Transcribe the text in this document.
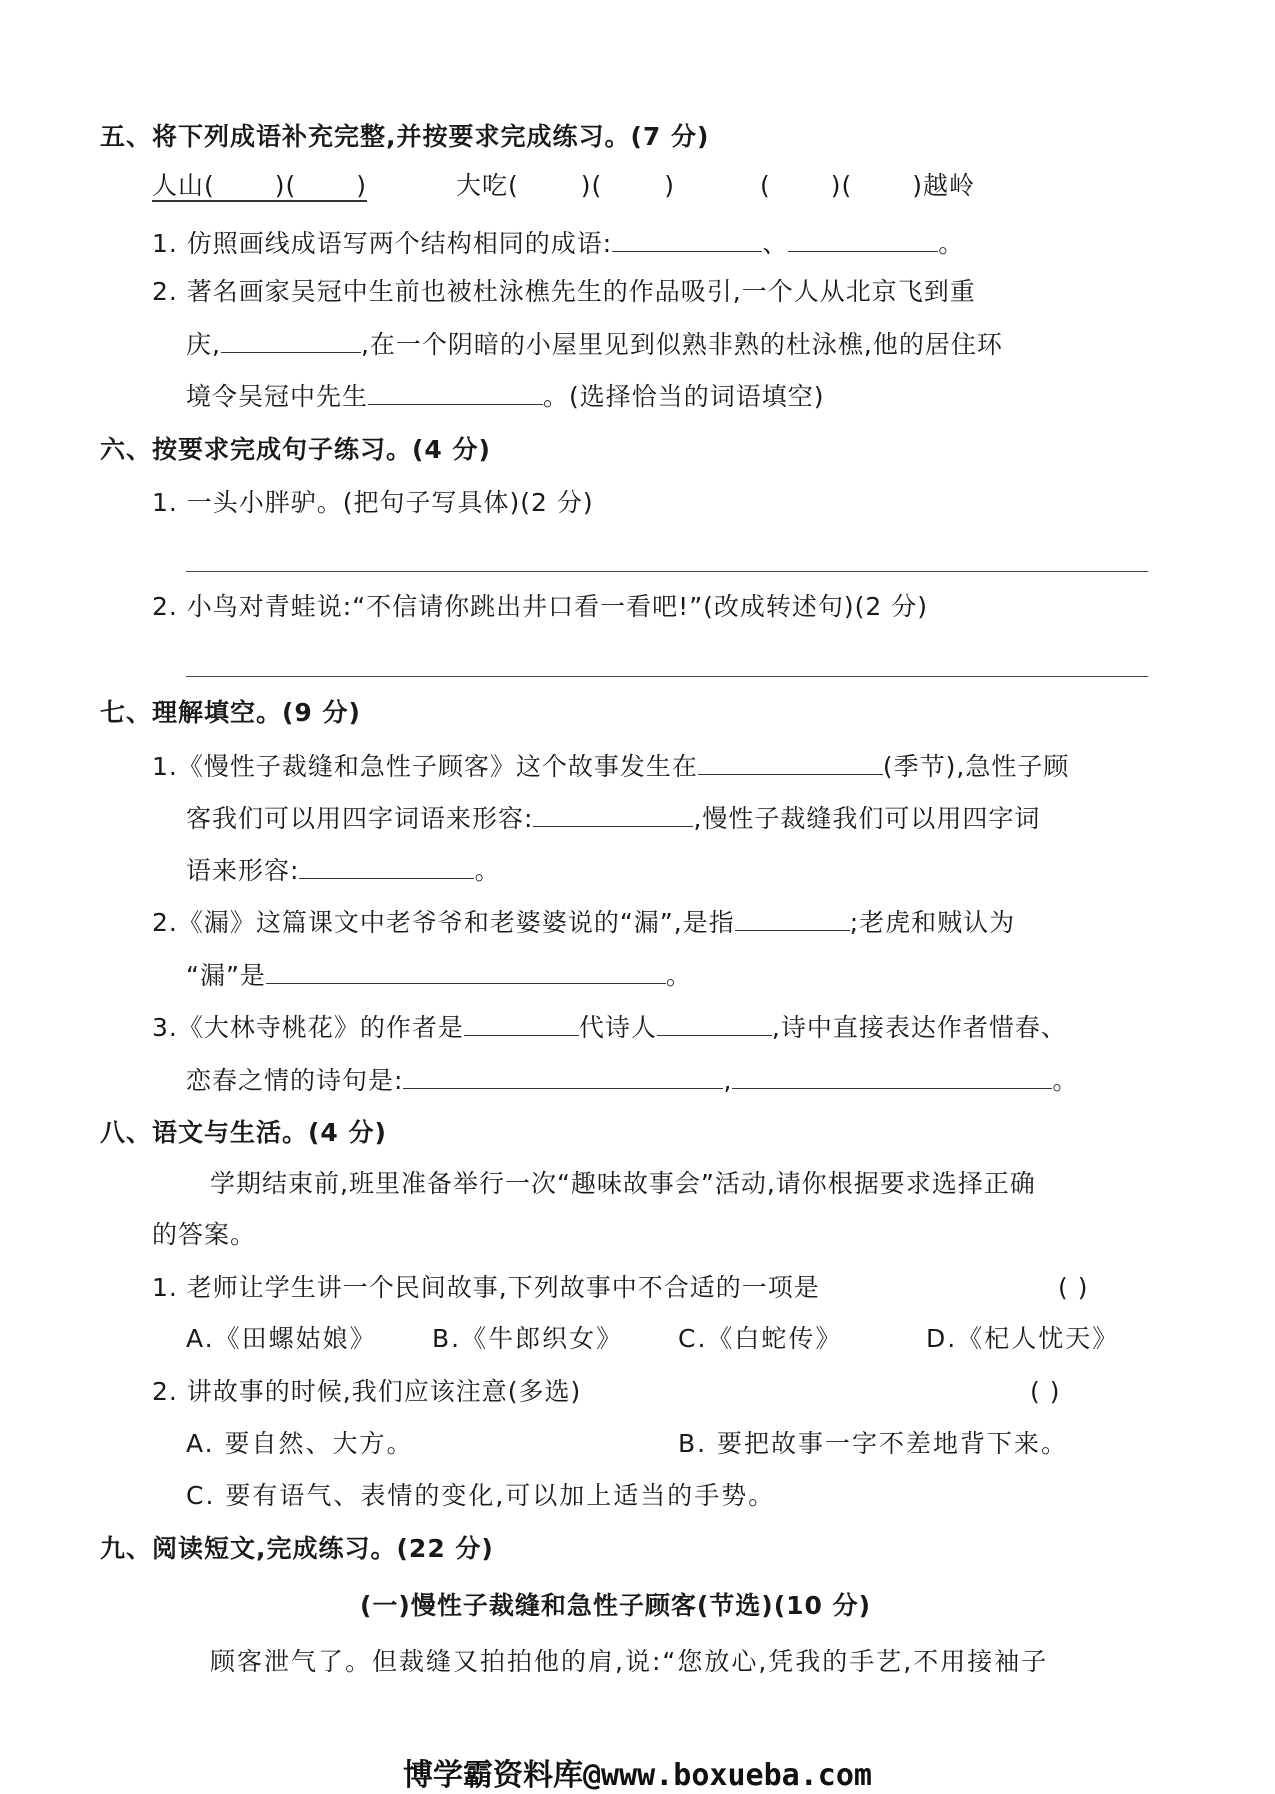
五、将下列成语补充完整,并按要求完成练习。(7 分)
人山( )( )	大吃( )( )	( )( )越岭
1. 仿照画线成语写两个结构相同的成语:	、	。
2. 著名画家吴冠中生前也被杜泳樵先生的作品吸引,一个人从北京飞到重
庆,	,在一个阴暗的小屋里见到似熟非熟的杜泳樵,他的居住环
境令吴冠中先生	。(选择恰当的词语填空)
六、按要求完成句子练习。(4 分)
1. 一头小胖驴。(把句子写具体)(2 分)
2. 小鸟对青蛙说:“不信请你跳出井口看一看吧!”(改成转述句)(2 分)
七、理解填空。(9 分)
1.《慢性子裁缝和急性子顾客》这个故事发生在	(季节),急性子顾
客我们可以用四字词语来形容:	,慢性子裁缝我们可以用四字词
语来形容:	。
2.《漏》这篇课文中老爷爷和老婆婆说的“漏”,是指	;老虎和贼认为
“漏”是	。
3.《大林寺桃花》的作者是	代诗人	,诗中直接表达作者惜春、
恋春之情的诗句是:	,	。
八、语文与生活。(4 分)
学期结束前,班里准备举行一次“趣味故事会”活动,请你根据要求选择正确
的答案。
1. 老师让学生讲一个民间故事,下列故事中不合适的一项是	( )
A.《田螺姑娘》 B.《牛郎织女》 C.《白蛇传》	D.《杞人忧天》
2. 讲故事的时候,我们应该注意(多选)	( )
A. 要自然、大方。	B. 要把故事一字不差地背下来。
C. 要有语气、表情的变化,可以加上适当的手势。
九、阅读短文,完成练习。(22 分)
(一)慢性子裁缝和急性子顾客(节选)(10 分)
顾客泄气了。但裁缝又拍拍他的肩,说:“您放心,凭我的手艺,不用接袖子
博学霸资料库@www.boxueba.com
